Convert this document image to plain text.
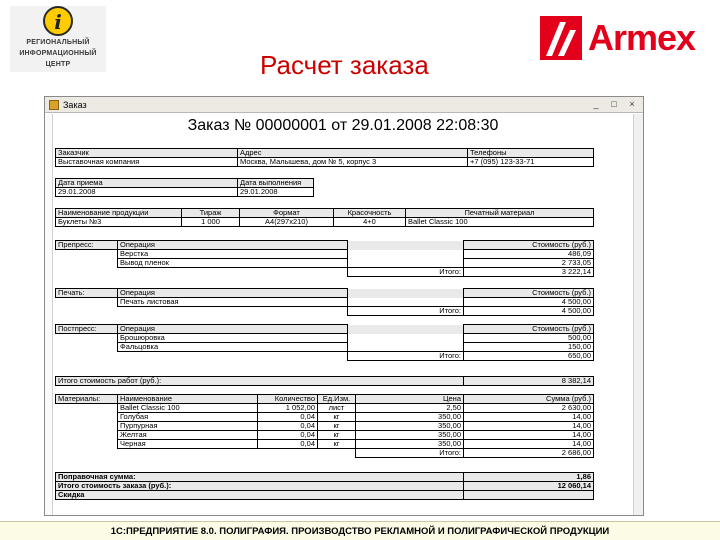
i
РЕГИОНАЛЬНЫЙ
ИНФОРМАЦИОННЫЙ
ЦЕНТР	Расчет заказа
Armex
Заказ	_	□	×
Заказ № 00000001 от 29.01.2008 22:08:30
Заказчик	Адрес	Телефоны
Выставочная компания	Москва, Малышева, дом № 5, корпус 3	+7 (095) 123-33-71
Дата приема	Дата выполнения
29.01.2008	29.01.2008
Наименование продукции	Тираж	Формат	Красочность	Печатный материал
Буклеты №3	1 000	А4(297x210)	4+0	Ballet Classic 100
Препресс:	Операция		Стоимость (руб.)
	Верстка		486,09
	Вывод пленок		2 733,05
		Итого:	3 222,14
Печать:	Операция		Стоимость (руб.)
	Печать листовая		4 500,00
		Итого:	4 500,00
Постпресс:	Операция		Стоимость (руб.)
	Брошюровка		500,00
	Фальцовка		150,00
		Итого:	650,00
Итого стоимость работ (руб.):	8 382,14
Материалы:	Наименование	Количество	Ед.Изм.	Цена	Сумма (руб.)
	Ballet Classic 100	1 052,00	лист	2,50	2 630,00
	Голубая	0,04	кг	350,00	14,00
	Пурпурная	0,04	кг	350,00	14,00
	Желтая	0,04	кг	350,00	14,00
	Черная	0,04	кг	350,00	14,00
				Итого:	2 686,00
Поправочная сумма:	1,86
Итого стоимость заказа (руб.):	12 060,14
Скидка	
1С:ПРЕДПРИЯТИЕ 8.0. ПОЛИГРАФИЯ. ПРОИЗВОДСТВО РЕКЛАМНОЙ И ПОЛИГРАФИЧЕСКОЙ ПРОДУКЦИИ
